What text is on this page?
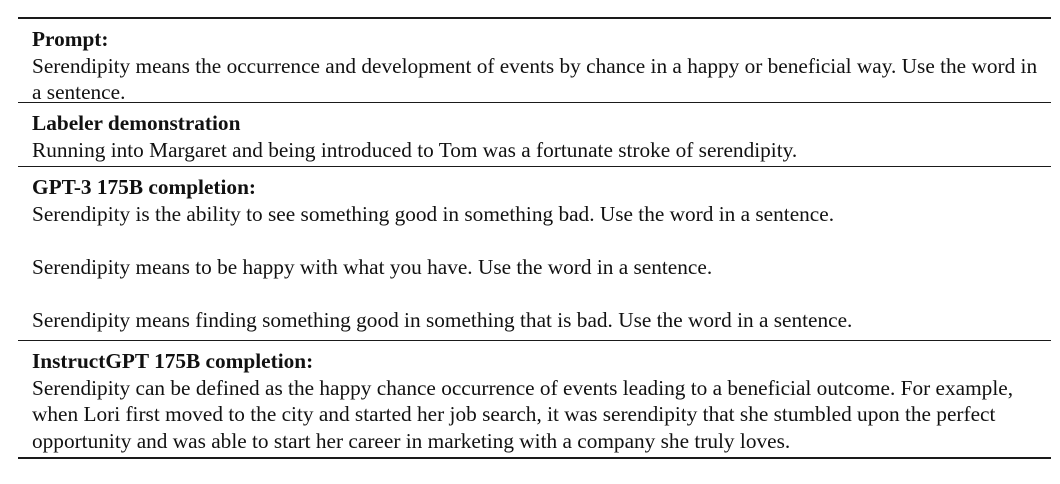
Prompt:
Serendipity means the occurrence and development of events by chance in a happy or beneficial way. Use the word in a sentence.
Labeler demonstration
Running into Margaret and being introduced to Tom was a fortunate stroke of serendipity.
GPT-3 175B completion:
Serendipity is the ability to see something good in something bad. Use the word in a sentence.
Serendipity means to be happy with what you have. Use the word in a sentence.
Serendipity means finding something good in something that is bad. Use the word in a sentence.
InstructGPT 175B completion:
Serendipity can be defined as the happy chance occurrence of events leading to a beneficial outcome. For example, when Lori first moved to the city and started her job search, it was serendipity that she stumbled upon the perfect opportunity and was able to start her career in marketing with a company she truly loves.
